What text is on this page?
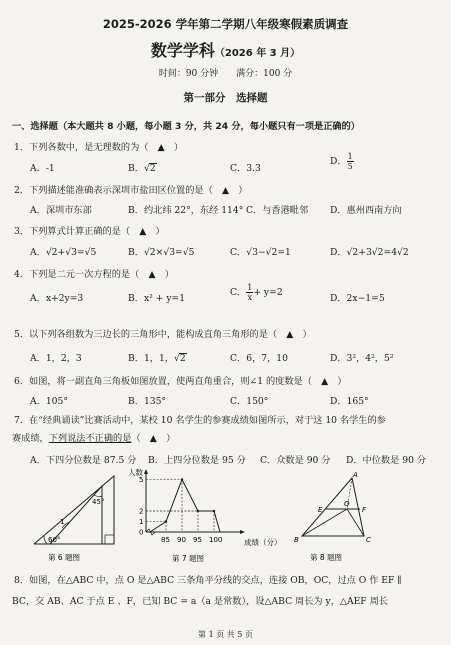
2025-2026 学年第二学期八年级寒假素质调查
数学学科（2026 年 3 月）
时间：90 分钟　　满分：100 分
第一部分　选择题
一、选择题（本大题共 8 小题，每小题 3 分，共 24 分，每小题只有一项是正确的）
1．下列各数中，是无理数的为（　▲　）
A．-1	B．√2	C．3.3
D． $\frac{1}{5}$
2．下列描述能准确表示深圳市盐田区位置的是（　▲　）
A．深圳市东部	B．约北纬 22°，东经 114° C．与香港毗邻 D．惠州西南方向
3．下列算式计算正确的是（　▲　）
A．√2+√3=√5	B．√2×√3=√5	C．√3−√2=1	D．√2+3√2=4√2
4．下列是二元一次方程的是（　▲　）
A．x+2y=3	B．x² + y=1
C． $\frac{1}{x} + y=2$
D．2x−1=5
5．以下列各组数为三边长的三角形中，能构成直角三角形的是（　▲　）
A．1，2，3	B．1，1，√2	C．6，7，10	D．3²，4²，5²
6．如图，将一副直角三角板如图放置，使两直角重合，则∠1 的度数是（　▲　）
A．105°	B．135°	C．150°	D．165°
7．在“经典诵读”比赛活动中，某校 10 名学生的参赛成绩如图所示，对于这 10 名学生的参
赛成绩，下列说法不正确的是（　▲　）
A．下四分位数是 87.5 分 B．上四分位数是 95 分 C．众数是 90 分 D．中位数是 90 分
45°
60°
1
第 6 题图
5
2
1
0
85 90 95 100
人数
成绩（分）
第 7 题图
A
B	C
E	F
O
第 8 题图
8．如图，在△ABC 中，点 O 是△ABC 三条角平分线的交点，连接 OB，OC，过点 O 作 EF ∥
BC，交 AB、AC 于点 E 、F，已知 BC = a（a 是常数），设△ABC 周长为 y，△AEF 周长
第 1 页 共 5 页
